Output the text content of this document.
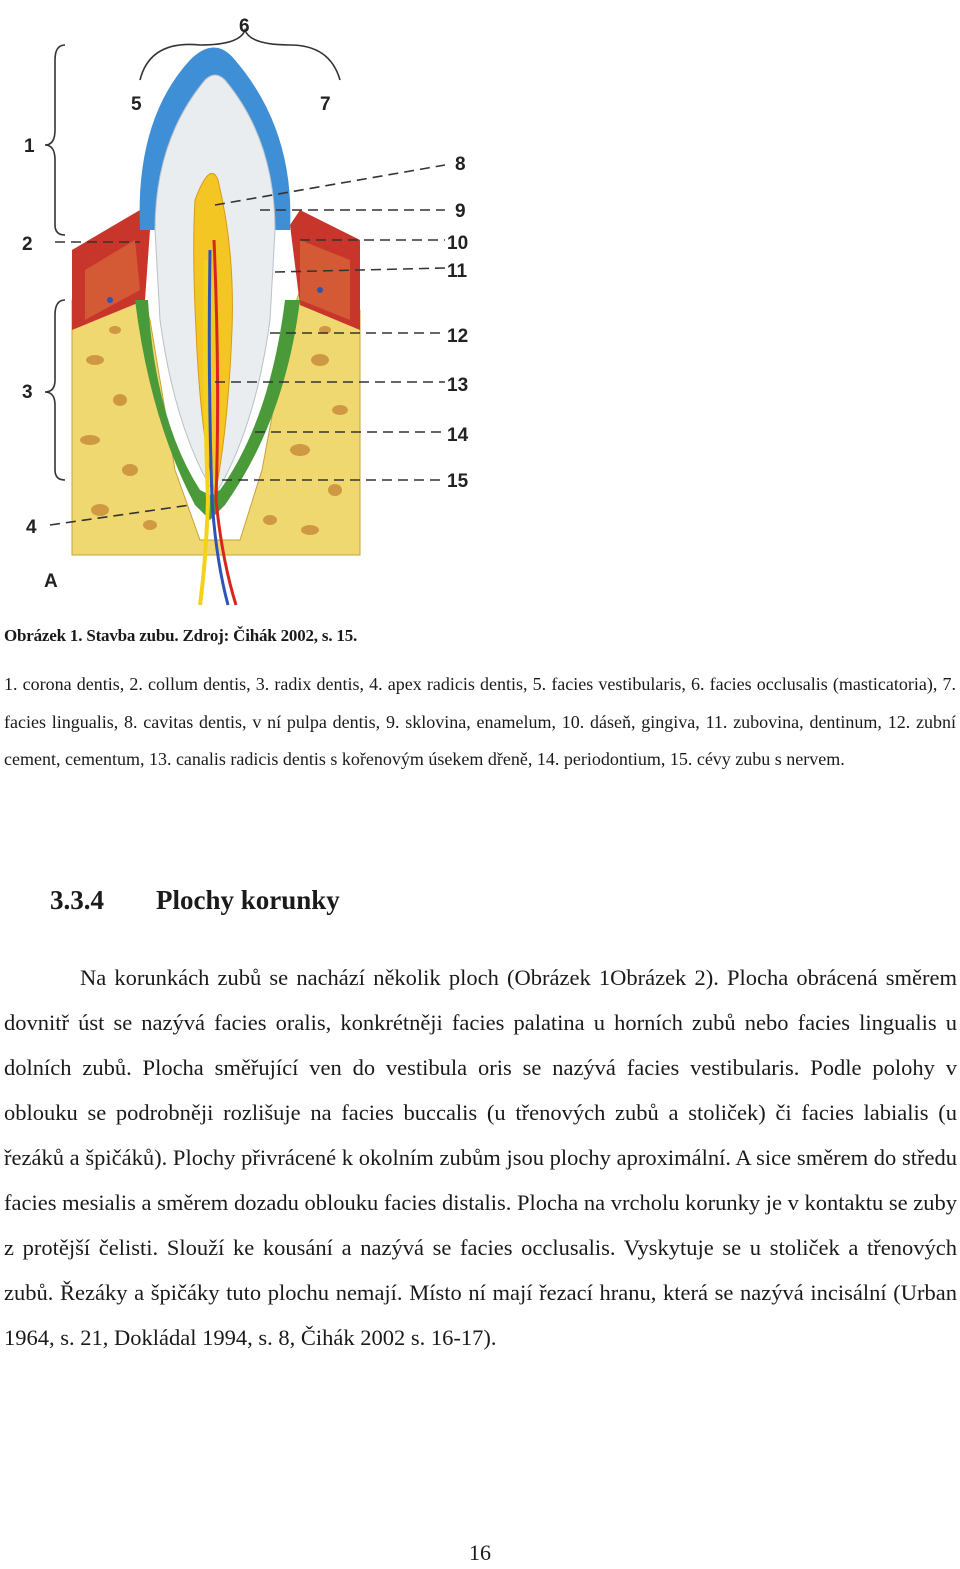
1
2
3
4
5
6
7
8
9
10
11
12
13
14
15
A
Obrázek 1. Stavba zubu. Zdroj: Čihák 2002, s. 15.
1. corona dentis, 2. collum dentis, 3. radix dentis, 4. apex radicis dentis, 5. facies vestibularis, 6. facies occlusalis (masticatoria), 7. facies lingualis, 8. cavitas dentis, v ní pulpa dentis, 9. sklovina, enamelum, 10. dáseň, gingiva, 11. zubovina, dentinum, 12. zubní cement, cementum, 13. canalis radicis dentis s kořenovým úsekem dřeně, 14. periodontium, 15. cévy zubu s nervem.
3.3.4 Plochy korunky
Na korunkách zubů se nachází několik ploch (Obrázek 1Obrázek 2). Plocha obrácená směrem dovnitř úst se nazývá facies oralis, konkrétněji facies palatina u horních zubů nebo facies lingualis u dolních zubů. Plocha směřující ven do vestibula oris se nazývá facies vestibularis. Podle polohy v oblouku se podrobněji rozlišuje na facies buccalis (u třenových zubů a stoliček) či facies labialis (u řezáků a špičáků). Plochy přivrácené k okolním zubům jsou plochy aproximální. A sice směrem do středu facies mesialis a směrem dozadu oblouku facies distalis. Plocha na vrcholu korunky je v kontaktu se zuby z protější čelisti. Slouží ke kousání a nazývá se facies occlusalis. Vyskytuje se u stoliček a třenových zubů. Řezáky a špičáky tuto plochu nemají. Místo ní mají řezací hranu, která se nazývá incisální (Urban 1964, s. 21, Dokládal 1994, s. 8, Čihák 2002 s. 16-17).
16
